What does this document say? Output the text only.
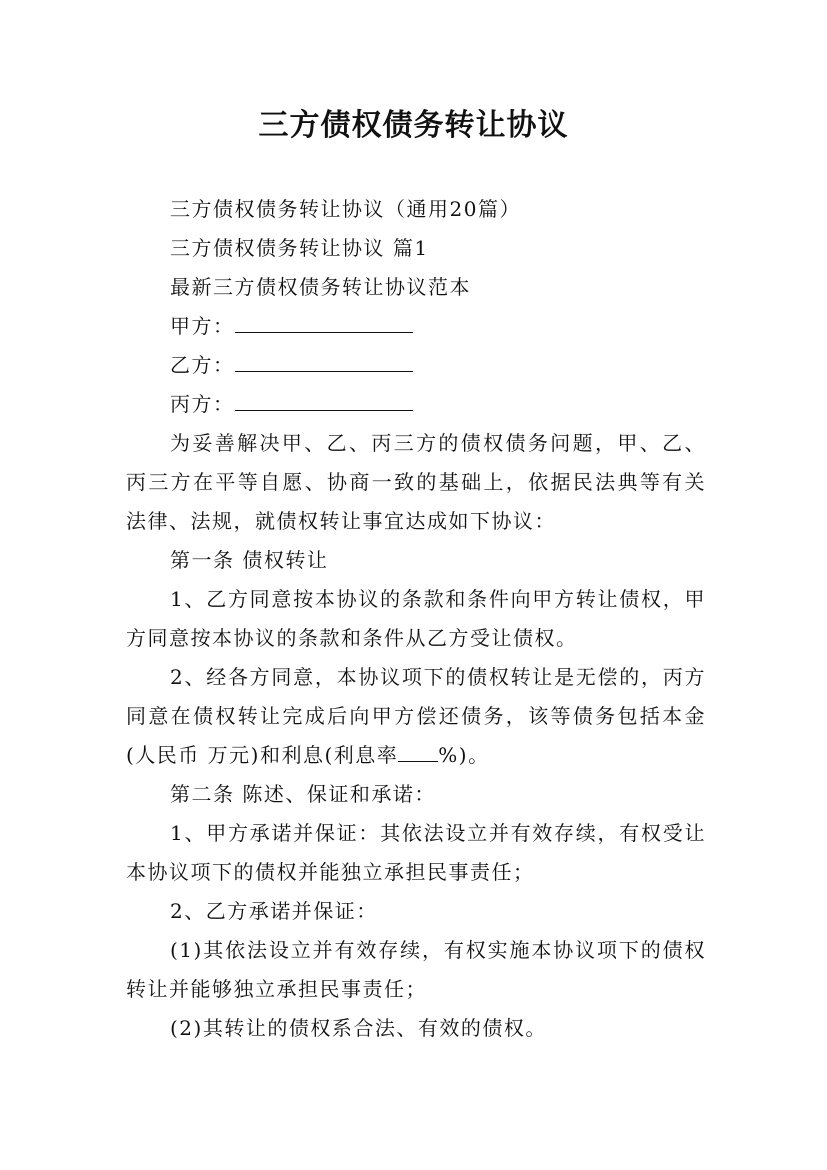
三方债权债务转让协议

三方债权债务转让协议（通用20篇）

三方债权债务转让协议 篇1

最新三方债权债务转让协议范本

甲方：

乙方：

丙方：

为妥善解决甲、乙、丙三方的债权债务问题，甲、乙、丙三方在平等自愿、协商一致的基础上，依据民法典等有关法律、法规，就债权转让事宜达成如下协议：

第一条 债权转让

1、乙方同意按本协议的条款和条件向甲方转让债权，甲方同意按本协议的条款和条件从乙方受让债权。

2、经各方同意，本协议项下的债权转让是无偿的，丙方同意在债权转让完成后向甲方偿还债务，该等债务包括本金(人民币 万元)和利息(利息率 %)。

第二条 陈述、保证和承诺：

1、甲方承诺并保证：其依法设立并有效存续，有权受让本协议项下的债权并能独立承担民事责任；

2、乙方承诺并保证：

(1)其依法设立并有效存续，有权实施本协议项下的债权转让并能够独立承担民事责任；

(2)其转让的债权系合法、有效的债权。
